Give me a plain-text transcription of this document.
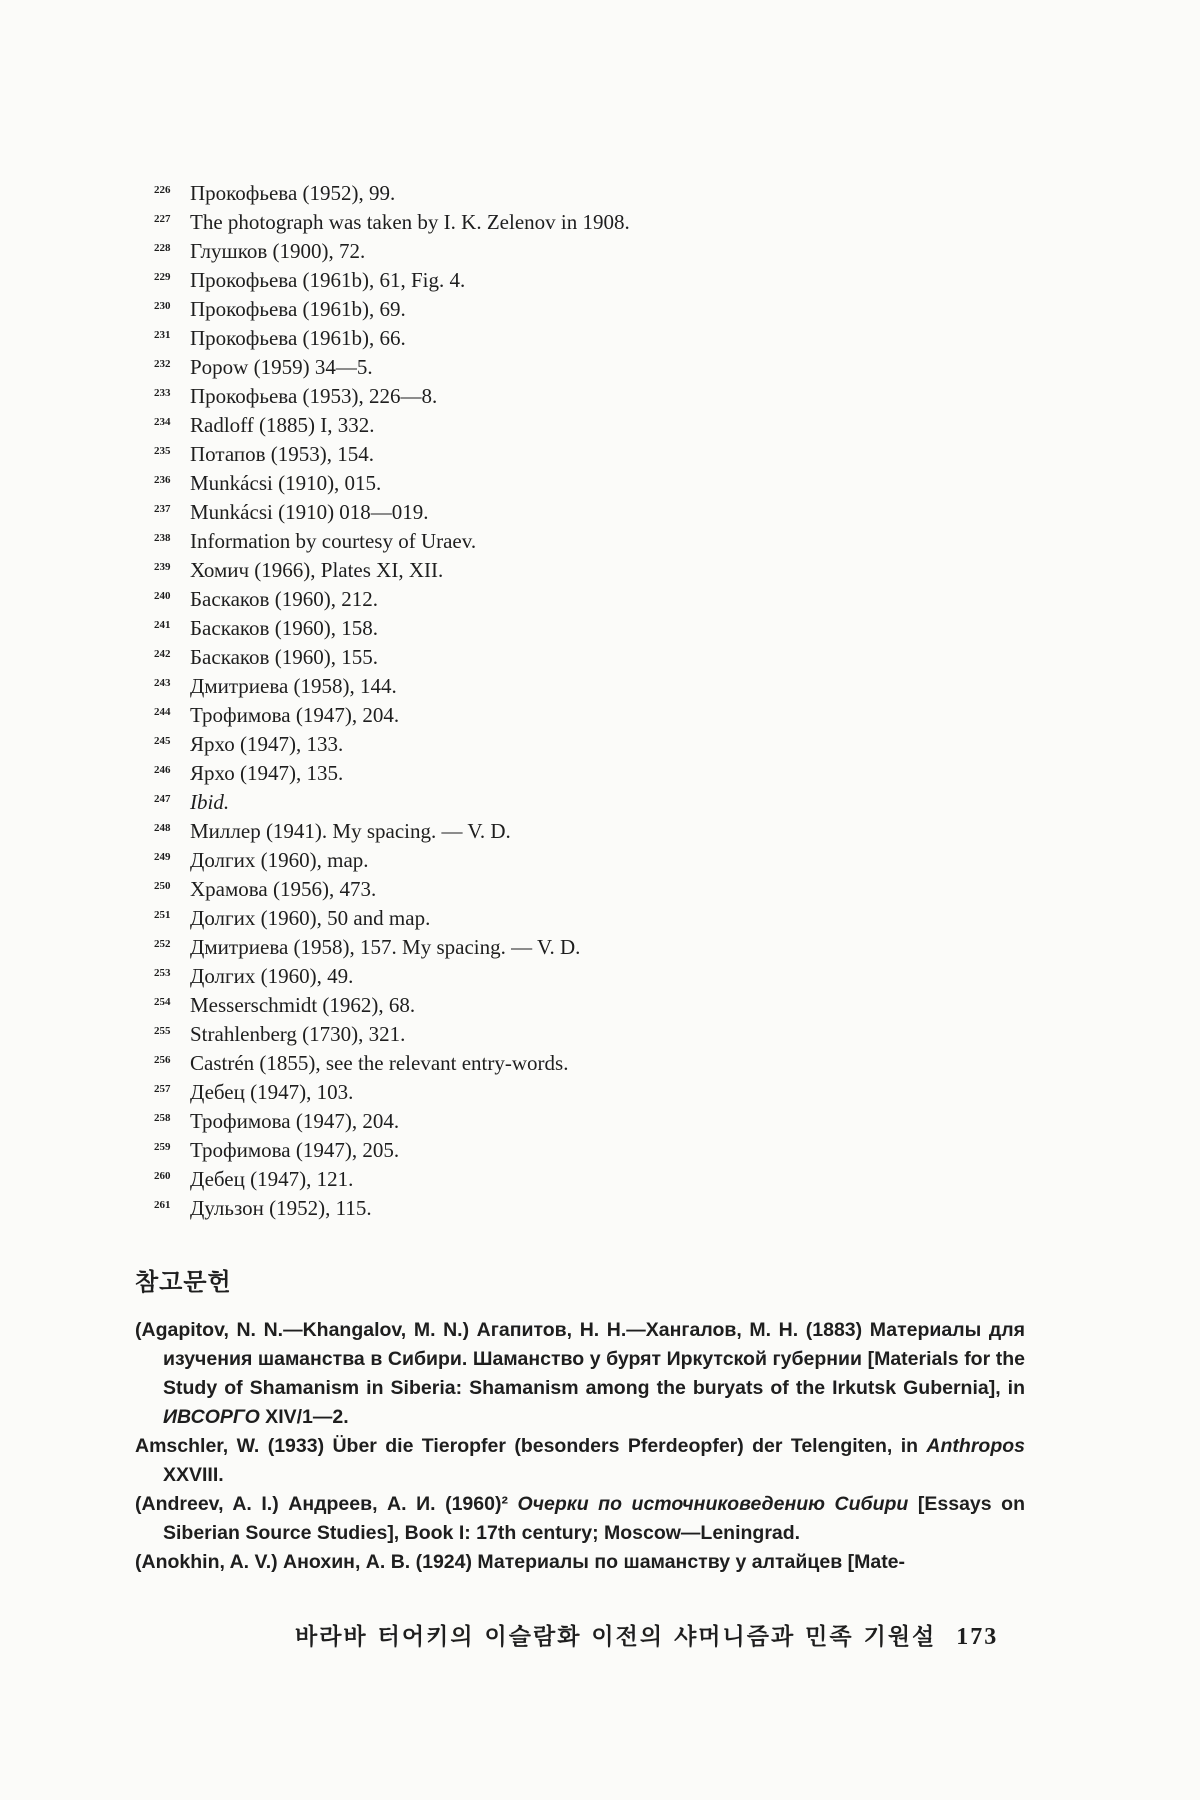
226 Прокофьева (1952), 99.
227 The photograph was taken by I. K. Zelenov in 1908.
228 Глушков (1900), 72.
229 Прокофьева (1961b), 61, Fig. 4.
230 Прокофьева (1961b), 69.
231 Прокофьева (1961b), 66.
232 Popow (1959) 34—5.
233 Прокофьева (1953), 226—8.
234 Radloff (1885) I, 332.
235 Потапов (1953), 154.
236 Munkácsi (1910), 015.
237 Munkácsi (1910) 018—019.
238 Information by courtesy of Uraev.
239 Хомич (1966), Plates XI, XII.
240 Баскаков (1960), 212.
241 Баскаков (1960), 158.
242 Баскаков (1960), 155.
243 Дмитриева (1958), 144.
244 Трофимова (1947), 204.
245 Ярхо (1947), 133.
246 Ярхо (1947), 135.
247 Ibid.
248 Миллер (1941). My spacing. — V. D.
249 Долгих (1960), map.
250 Храмова (1956), 473.
251 Долгих (1960), 50 and map.
252 Дмитриева (1958), 157. My spacing. — V. D.
253 Долгих (1960), 49.
254 Messerschmidt (1962), 68.
255 Strahlenberg (1730), 321.
256 Castrén (1855), see the relevant entry-words.
257 Дебец (1947), 103.
258 Трофимова (1947), 204.
259 Трофимова (1947), 205.
260 Дебец (1947), 121.
261 Дульзон (1952), 115.
참고문헌
(Agapitov, N. N.—Khangalov, M. N.) Агапитов, Н. Н.—Хангалов, М. Н. (1883) Материалы для изучения шаманства в Сибири. Шаманство у бурят Иркутской губернии [Materials for the Study of Shamanism in Siberia: Shamanism among the buryats of the Irkutsk Gubernia], in ИВСОРГО XIV/1—2.
Amschler, W. (1933) Über die Tieropfer (besonders Pferdeopfer) der Telengiten, in Anthropos XXVIII.
(Andreev, A. I.) Андреев, А. И. (1960)² Очерки по источниковедению Сибири [Essays on Siberian Source Studies], Book I: 17th century; Moscow—Leningrad.
(Anokhin, A. V.) Анохин, А. В. (1924) Материалы по шаманству у алтайцев [Mate-
바라바 터어키의 이슬람화 이전의 샤머니즘과 민족 기원설 173
